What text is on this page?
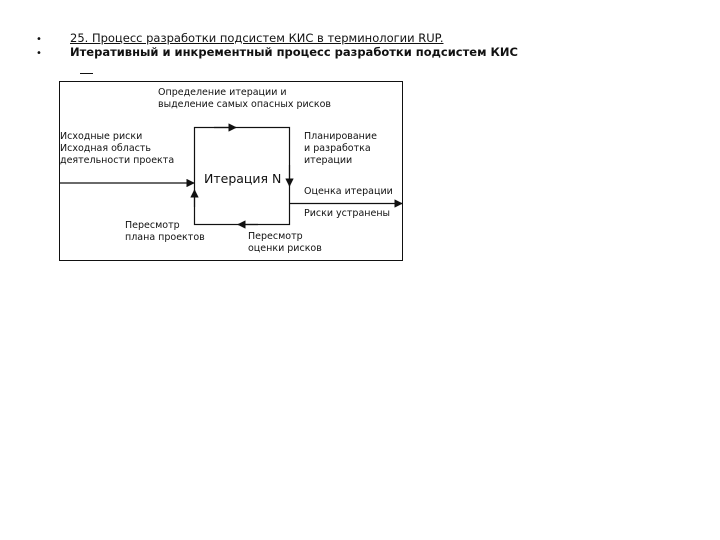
• 25. Процесс разработки подсистем КИС в терминологии RUP.
• Итеративный и инкрементный процесс разработки подсистем КИС
Итерация N
Определение итерации и
выделение самых опасных рисков
Исходные риски
Исходная область
деятельности проекта
Планирование
и разработка
итерации
Оценка итерации
Риски устранены
Пересмотр
плана проектов	Пересмотр
оценки рисков
